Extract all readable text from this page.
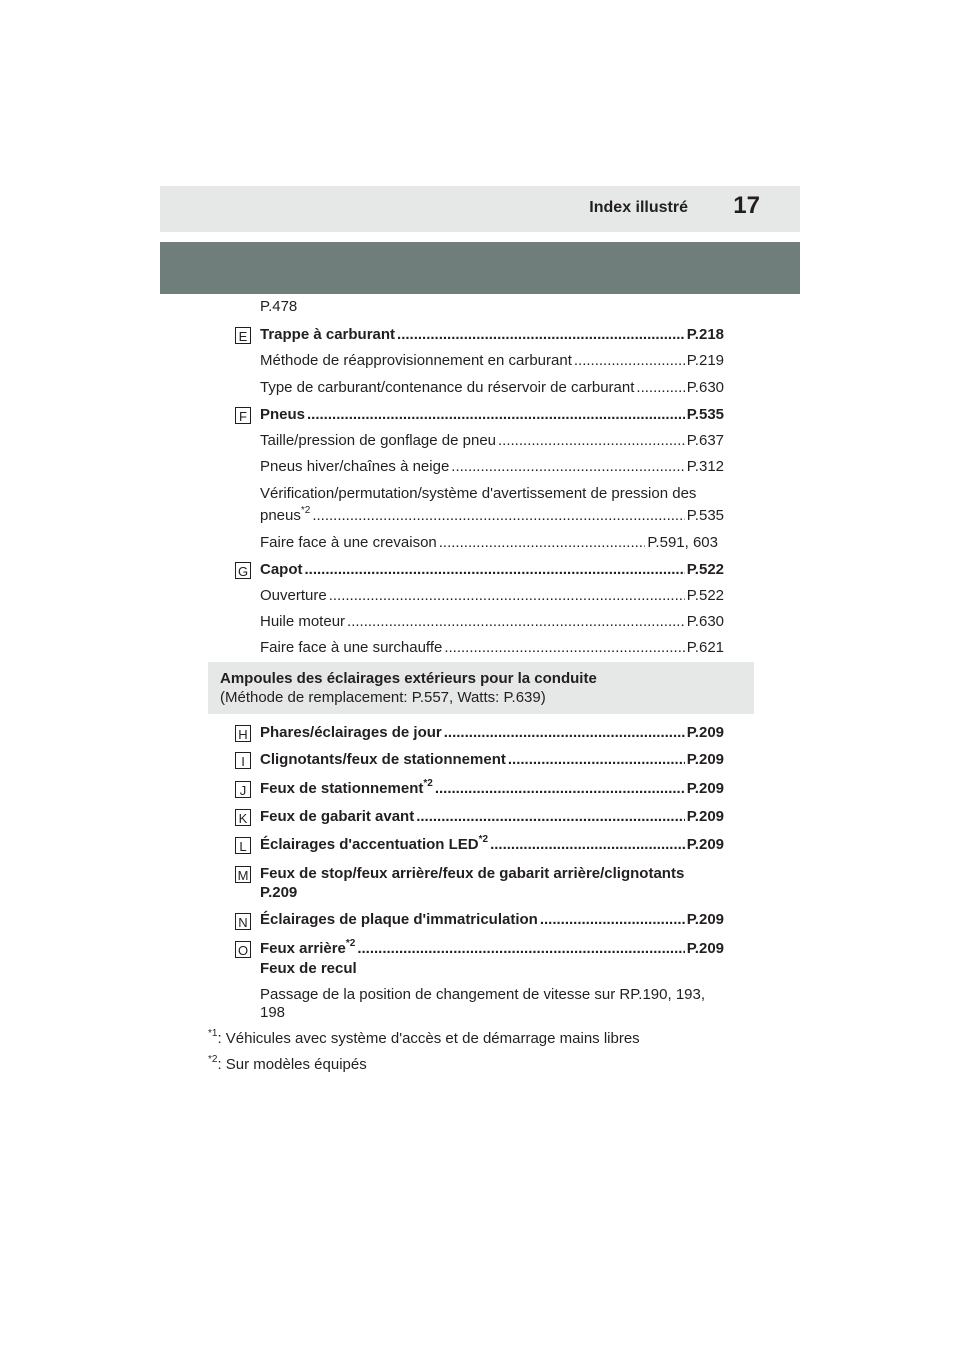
Index illustré 17
P.478
E Trappe à carburant .....	P.218
Méthode de réapprovisionnement en carburant .....	P.219
Type de carburant/contenance du réservoir de carburant .....	P.630
F Pneus .....	P.535
Taille/pression de gonflage de pneu .....	P.637
Pneus hiver/chaînes à neige .....	P.312
Vérification/permutation/système d'avertissement de pression des
pneus$^{*2}$ .....	P.535
Faire face à une crevaison .....	P.591, 603
G Capot .....	P.522
Ouverture .....	P.522
Huile moteur .....	P.630
Faire face à une surchauffe .....	P.621
Ampoules des éclairages extérieurs pour la conduite
(Méthode de remplacement: P.557, Watts: P.639)
H Phares/éclairages de jour .....	P.209
I	Clignotants/feux de stationnement .....	P.209
J Feux de stationnement$^{*2}$ .....	P.209
K Feux de gabarit avant .....	P.209
L Éclairages d'accentuation LED$^{*2}$ .....	P.209
M Feux de stop/feux arrière/feux de gabarit arrière/clignotants
P.209
N Éclairages de plaque d'immatriculation .....	P.209
O Feux arrière$^{*2}$ .....	P.209
Feux de recul
Passage de la position de changement de vitesse sur RP.190, 193,
198
$^{*1}$: Véhicules avec système d'accès et de démarrage mains libres
$^{*2}$: Sur modèles équipés
